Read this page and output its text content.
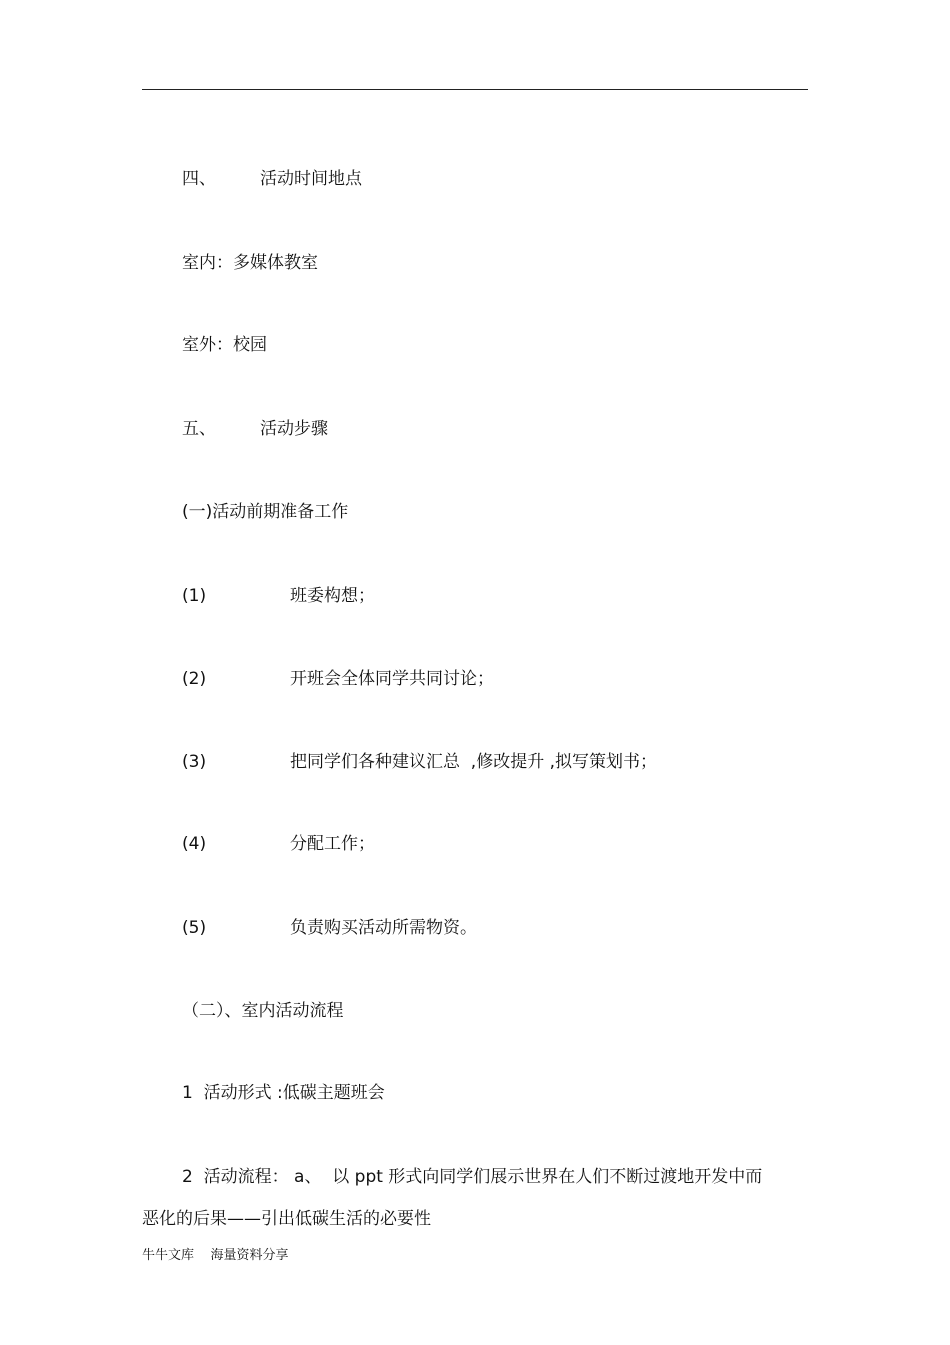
四、	活动时间地点
室内：多媒体教室
室外：校园
五、	活动步骤
(一)活动前期准备工作
(1)	班委构想；
(2)	开班会全体同学共同讨论；
(3)	把同学们各种建议汇总  ,修改提升 ,拟写策划书；
(4)	分配工作；
(5)	负责购买活动所需物资。
（二）、室内活动流程
1  活动形式 :低碳主题班会
2  活动流程： a、  以 ppt 形式向同学们展示世界在人们不断过渡地开发中而
恶化的后果——引出低碳生活的必要性
牛牛文库    海量资料分享
